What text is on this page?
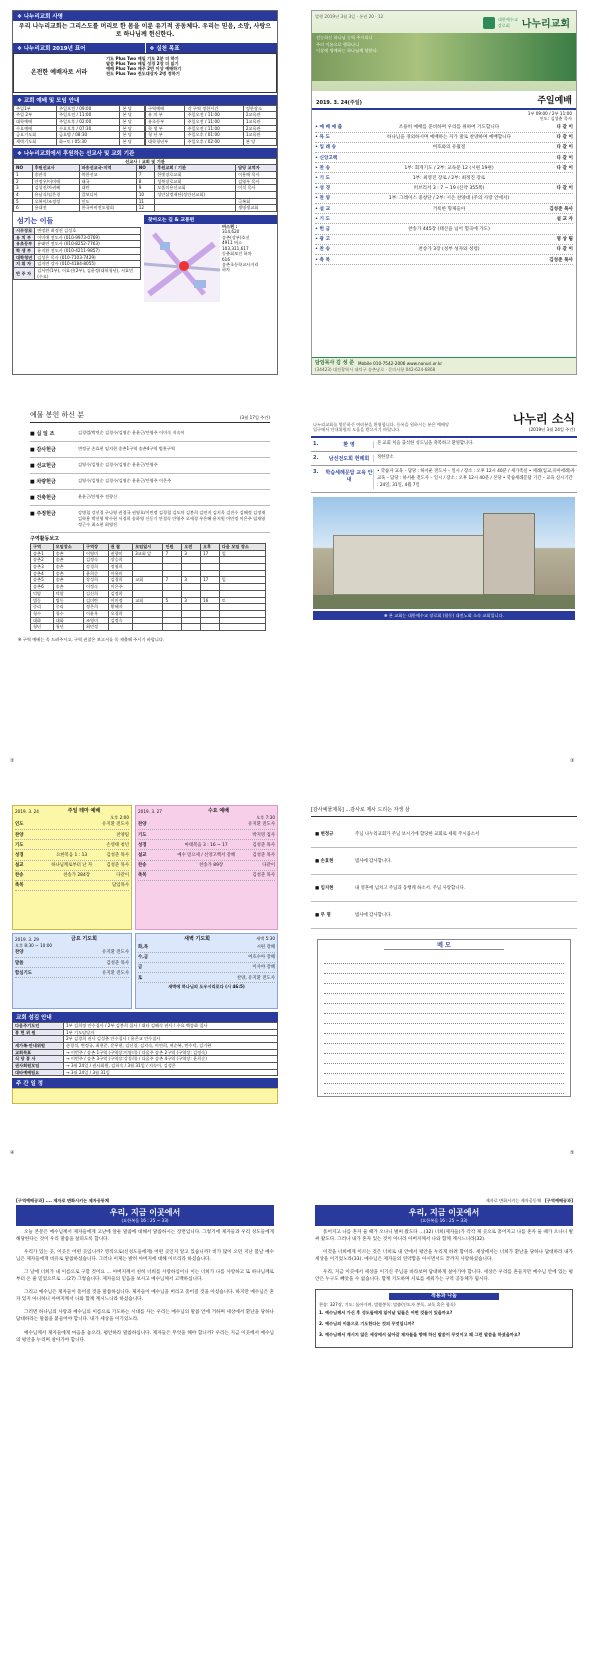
❖ 나누리교회 사명
우리 나누리교회는 그리스도를 머리로 한 몸을 이룬 유기적 공동체다. 우리는 믿음, 소망, 사랑으로 하나님께 헌신한다.
❖ 나누리교회 2019년 표어	❖ 실천 목표
온전한 예배자로 서라
기도 Plus Two 매일 기도 2분 더 하기
말씀 Plus Two 매일 성경 2장 더 읽기
예배 Plus Two 매주 2번 이상 예배하기
전도 Plus Two 전도대상자 2명 정하기
❖ 교회 예배 및 모임 안내
주일1부	주일오전 / 09:00	본 당
주일 2부	주일오전 / 11:00	본 당
대학예배	주일오후 / 02:00	본 당
수요예배	수요오후 / 07:30	본 당
금요기도회	금요밤 / 08:30	본 당
새벽기도회	화~토 / 05:30	본 당
구역예배	각 구역 정한시간	정한장소
유 치 부	주일오전 / 11:00	2교육관
유초등부	주일오전 / 11:00	1교육관
학 생 부	주일오전 / 11:00	2교육관
청 년 부	주일오후 / 01:00	1교육관
대학청년부	주일오후 / 02:00	본 당
❖ 나누리교회에서 후원하는 선교사 및 교회 기관
선교사 / 교회 및 기관					
NO	후원선교사	파송선교국·지역	NO	후원교회 / 기관	담당 교역자
1	송관석	북한선교	7	한빛장로교회	이용배 목사
2	안정우/이미애	태국	8	성북장로교회	김영우 목사
3	김성진/차귀혜	대만	9	모똘미용선교회	이석 목사
4	유남식/임은경	캄보디아	10	성안삼정재단(성안선교회)	
5	오복이/조정정	인도	11		극복회
6	용대전	한국어비전도협회	12		생명생교회
섬기는 이들
시무장로	변정환 최정진 김성호
유 치 부	이미애 전도사 (010-9973-0769)
유초등부	유태연 전도사 (010-8252-7763)
학 생 부	유지환 전도사 (010-4211-9857)
대학청년	김성은 목사 (010-7103-7429)
지 휘 자	김지연 강사 (010-4184-8055)
반 주 자	김서연(1부), 이효선(2부), 김윤정(대학청년), 서효민(수요)
찾아오는 길 & 교통편
버스편 :
314,620
송촌(상부)호선
4911 버스
103,311,617
동춘회보건 하차
616
송촌초등학교사거리
하차
발행 2019년 3월 3일 · 통권 20 · 12
대한예수교장로회	나누리교회
전능하신 하나님 능력 주시리니
주의 이름으로 행하나니
이상에 명예하는 하나님께 향한다.
2019. 3. 24(주일)	주일예배
1부 09:00 / 2부 11:00
인도: 김성춘 목사
• 예 배 예 출	조용히 예배를 준비하며 우리를 위하여 기도합니다	다 같 이
• 묵 도	하나님을 경외하시며 예배하는 자가 말로 찬양하며 예배합니다	다 같 이
• 입 례 송	여호와의 유월절	다 같 이
• 신앙고백	다 같 이
• 찬 송	1부: 회개기도 / 2부: 교독문 12 (시편 19편)	다 같 이
• 기 도	1부: 최영진 장로 / 2부: 최정진 장로
• 성 경	히브리서 3 : 7 ~ 19 (신약 355쪽)	다 같 이
• 찬 양	1부: 그레이스 중창단 / 2부: 시온 찬양대 (주의 사랑 안에서)
• 설 교	거룩한 형제들아	김성준 목사
• 기 도	설 교 자
• 헌 금	찬송가 445장 (태산을 넘어 험곡에 가도)
• 광 고	영 상 팀
• 찬 송	찬송가 3장 (성부 성자와 성령)	다 같 이
• 축 복	김성준 목사
담임목사 김 성 준 Mobile 010-7542-2006 www.nanuri.or.kr
(34423) 대전광역시 대덕구 송촌남로 · 문의사항 042-624-6868
예물 봉헌 하신 분	(3월 17일 주간)
■ 십 일 조	김경렬/박연순 김경수/김영순 윤윤근/안영주 이미숙 지숙이
■ 감사헌금	변정규 손효현 임지현 송촌1구역 송촌4구역 범흥구역
■ 선교헌금	김영수/김영순 김경수/김영순 윤윤근/안영주
■ 차량헌금	김영수/김영순 김경수/김영순 윤윤근/안영주 이은주
■ 건축헌금	윤윤근/안영주 전향신
■ 주정헌금	강병철 강선경 구나영 권경국 권영호/이민정 김경철 김도차 김봉희 김연지 김지욱 김진수 김혜정 김정재 김학용 박선영 박수현 서경희 송하영 신동기 안경숙 안영주 오세경 우은혜 윤지원 이민정 이은주 임재영 정근수 최소현 최영진
구역활동보고
구역	모임장소	구역장	권 찰	모임일시	인원	오전	오후	다음 모임 장소
송촌1	송촌	이영미	권향미	3교회 앞	7	3	17	일
송촌2	송촌	김정숙	장승희					
송촌3	송촌	강경희	정영희					
송촌4	송촌	윤희순	이유미					
송촌5	송촌	장성희	김경희	교회	7	3	17	일
송촌6	송촌	이정숙	이은주					
덕암	덕암	김신희	김정희					
법동	법동	김미란	이미정	교회	5	3	16	토
중리	중리	정은희	황혜자					
청수	청수	이윤옥	오경희					
대화	대화	조영미	김정숙					
청년	청년	최민정						
※ 구역 예배는 꼭 드려주시고, 구역 권찰은 보고서를 꼭 제출해 주시기 바랍니다.
나누리교회를 방문하신 여러분을 환영합니다. 등록을 원하시는 분은 예배당 입구에서 안내위원의 도움을 받으시기 바랍니다.
나누리 소식
(2019년 3월 24일 주간)
1.	환 영	본 교회 처음 출석한 성도님을 축복하고 환영합니다.
2.	남선전도회 헌례회	정한장소
3.	학습세례문답 교육 안내
• 학습자 교육 – 담당 : 하서운 전도사 – 일시 / 장소 : 오후 12시 40분 / 새가족실 • 세례(입교,유아세례)자 교육 – 담당 : 하서운 전도사 – 일시 / 장소 : 오후 12시 40분 / 본당 • 학습세례문답 기간 – 교육 실시기간 : 24일, 31일, 4월 7일
❋ 본 교회는 대한예수교 장로회 (합동) 대전노회 소속 교회입니다.
2019. 3. 24	주일 테마 예배
오후 2:00
인도	유지환 전도사
찬양	찬양팀
기도	손영태 청년
성경	요한복음 1 : 13	김성준 목사
설교	하나님께로부터 난 자	김성준 목사
찬송	찬송가 284장	다같이
축복	담임목사
2019. 3. 27	수요 예배
오후 7:30
찬양	유지환 전도사
기도	박지영 집사
성경	마태복음 3 : 16 ~ 17	김성준 목사
설교	예수 믿으세 / 신앙고백서 강해	김성준 목사
찬송	찬송가 89장	다같이
축복	김성준 목사
2019. 3. 29	금요 기도회
오후 8:30 ~ 10:00
찬양	유지환 전도사
말씀	김성준 목사
합심기도	유지환 전도사
새벽 기도회	새벽 5:30
화,목	시편 강해
수,금	여호수아 강해
금	이사야 강해
토	찬양, 유지환 전도사
새벽에 하나님의 도우시리로다 (시 46:5)
교회 섬김 안내
다음주기도인	1부 김희정 안수집사 / 2부 김봉희 집사 / 대타 김혜숙 권사 / 수요 백송화 집사
봉 헌 위 원	1부 기도담당자
	2부 김경희 권사 김성춘 안수집사 / 윤은교 안수집사
새가족·안내위원	손경석, 변정규, 최현준, 문무현, 김선경, 김지숙, 이연희, 여순복, 민수덕, 김기완
교회목표	→ 이번주 / 송촌 1구역 (구역장:이영미) / 다음주 송촌 2구역 (구역장: 김정숙)
식 당 봉 사	→ 이번주 / 송촌 3구역 (구역장:강경희) / 다음주 송촌 4구역 (구역장: 윤희순)
권사회원모임	→ 3월 24일 / 권사회원, 김희숙 / 3월 31일 / 지숙이, 김성은
대타예배팀요	→ 3월 24일 / 3월 31일
주 간 일 정
[감사예물제목] ...감사로 제사 드리는 자생 삼
■ 변정규	주님 나누리교회가 주님 보시기에 합당한 교회로 세워 주시옵소서
■ 손효현	범사에 감사합니다.
■ 임지현	내 영혼에 넘치고 주님과 동행케 하소서. 주님 사랑합니다.
■ 무 명	범사에 감사합니다.
메 모
[구역예배공과] .... 제자로 변화시키는 제자공동체
우리, 지금 이곳에서
(요한복음 16 : 25 ~ 33)

오늘 본문은 예수님께서 제자들에게 고난에 앞둔 말씀에 대해서 말씀하시는 장면입니다. 그렇기에 제자들과 우리 성도들에게 해당한다는 것이 우리 말씀을 살피도록 합니다.

우리가 있는 곳, 이곳은 어떤 곳입니까? 영적으로(신성도들에게) 어떤 곳인지 알고 있습니까? 비가 많이 오던 지난 봄날 예수님은 제자들에게 비유로 말씀하셨습니다. 그러나 이제는 밝히 아버지에 대해 이르리라 하셨습니다.

그 날에 너희가 내 이름으로 구할 것이요 … 아버지께서 친히 너희를 사랑하심이니 이는 너희가 나를 사랑하고 또 하나님께로부터 온 줄 믿었으므로 …(27) 그렇습니다. 제자들의 믿음을 보시고 예수님께서 고백하십니다.

그리고 예수님은 제자들이 흩어질 것을 말씀하십니다. 제자들이 예수님을 버리고 흩어질 것을 아셨습니다. 하지만 예수님은 혼자 있지 아니하니 아버지께서 나와 함께 계시느니라 하셨습니다.

그러면 하나님의 사랑과 예수님의 이름으로 기도하는 시대를 사는 우리는 예수님의 말씀 안에 거하며 세상에서 환난을 당하나 담대하라는 말씀을 붙들어야 합니다. 내가 세상을 이기었노라.

예수님께서 제자들에게 마음을 놓으라, 평안하라 말씀하십니다. 제자들은 무엇을 해야 합니까? 우리는 지금 이곳에서 예수님의 평안을 누리며 살아가야 합니다.

제자로 변화시키는 제자공동체 [구역예배공과]
우리, 지금 이곳에서
(요한복음 16 : 25 ~ 33)

흩어지고 나를 혼자 둘 때가 오나니 벌써 왔도다 …(32) 너희(제자들)가 각각 제 곳으로 흩어지고 나를 혼자 둘 때가 오나니 벌써 왔도다. 그러나 내가 혼자 있는 것이 아니라 아버지께서 나와 함께 계시느니라(32).

이것을 너희에게 이르는 것은 너희로 내 안에서 평안을 누리게 하려 함이라. 세상에서는 너희가 환난을 당하나 담대하라 내가 세상을 이기었노라(33). 예수님은 제자들의 연약함을 아시면서도 끝까지 사랑하셨습니다.

우리, 지금 이곳에서 세상을 이기신 주님을 바라보며 담대하게 살아가야 합니다. 세상은 우리를 흔들지만 예수님 안에 있는 평안은 누구도 빼앗을 수 없습니다. 함께 기도하며 서로를 세워가는 구역 공동체가 됩시다.

적용과 나눔
찬송: 327장, 기도: 돌아가며, 말씀봉독: 말씀(인도자 봉독, 교독 혹은 합독)
1. 예수님께서 가신 후 성도들에게 일어날 일들은 어떤 것들이 있을까요?
2. 예수님의 이름으로 기도한다는 것의 무엇입니까?
3. 예수님께서 계시지 않은 세상에서 살아갈 제자들을 향해 하신 말씀이 무엇이고 왜 그런 말씀을 하셨을까요?
②	③
④	⑤
